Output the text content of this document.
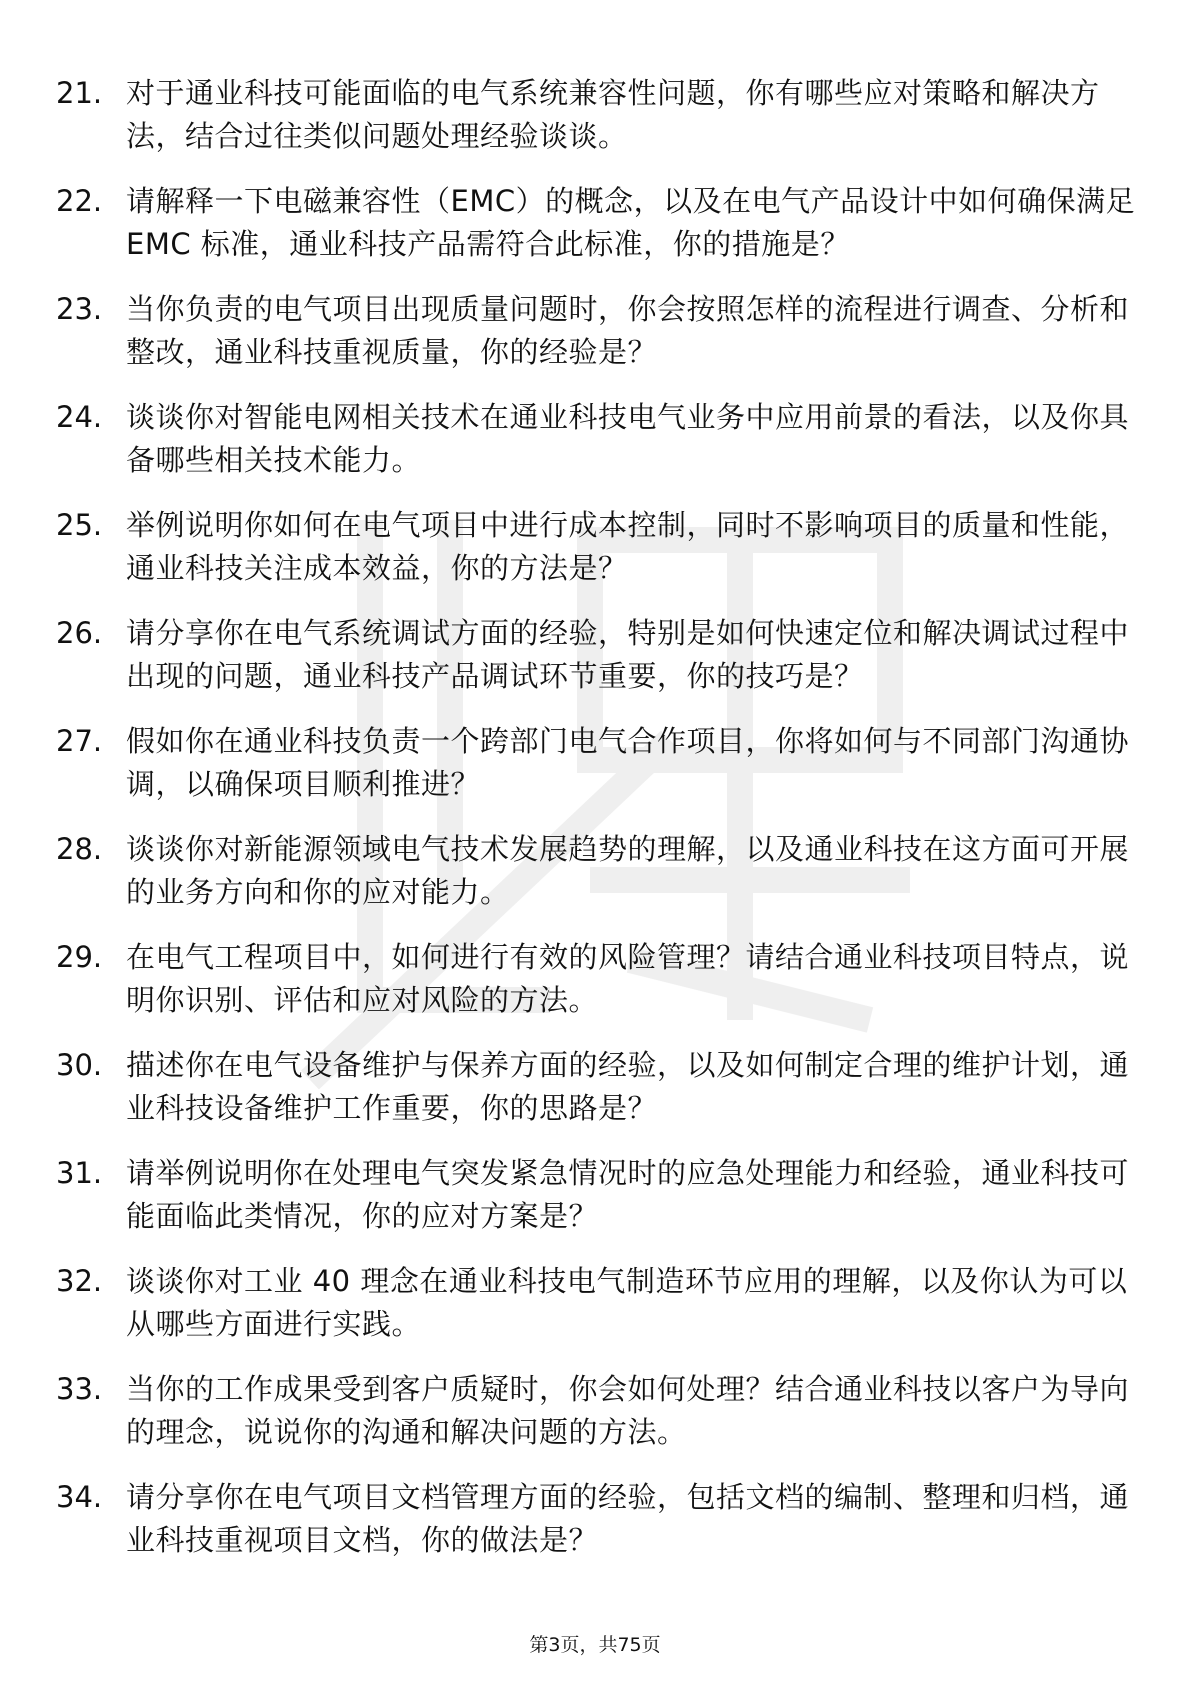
21. 对于通业科技可能面临的电气系统兼容性问题，你有哪些应对策略和解决方法，结合过往类似问题处理经验谈谈。
22. 请解释一下电磁兼容性（EMC）的概念，以及在电气产品设计中如何确保满足 EMC 标准，通业科技产品需符合此标准，你的措施是？
23. 当你负责的电气项目出现质量问题时，你会按照怎样的流程进行调查、分析和整改，通业科技重视质量，你的经验是？
24. 谈谈你对智能电网相关技术在通业科技电气业务中应用前景的看法，以及你具备哪些相关技术能力。
25. 举例说明你如何在电气项目中进行成本控制，同时不影响项目的质量和性能，通业科技关注成本效益，你的方法是？
26. 请分享你在电气系统调试方面的经验，特别是如何快速定位和解决调试过程中出现的问题，通业科技产品调试环节重要，你的技巧是？
27. 假如你在通业科技负责一个跨部门电气合作项目，你将如何与不同部门沟通协调，以确保项目顺利推进？
28. 谈谈你对新能源领域电气技术发展趋势的理解，以及通业科技在这方面可开展的业务方向和你的应对能力。
29. 在电气工程项目中，如何进行有效的风险管理？请结合通业科技项目特点，说明你识别、评估和应对风险的方法。
30. 描述你在电气设备维护与保养方面的经验，以及如何制定合理的维护计划，通业科技设备维护工作重要，你的思路是？
31. 请举例说明你在处理电气突发紧急情况时的应急处理能力和经验，通业科技可能面临此类情况，你的应对方案是？
32. 谈谈你对工业 40 理念在通业科技电气制造环节应用的理解，以及你认为可以从哪些方面进行实践。
33. 当你的工作成果受到客户质疑时，你会如何处理？结合通业科技以客户为导向的理念，说说你的沟通和解决问题的方法。
34. 请分享你在电气项目文档管理方面的经验，包括文档的编制、整理和归档，通业科技重视项目文档，你的做法是？
第3页，共75页
